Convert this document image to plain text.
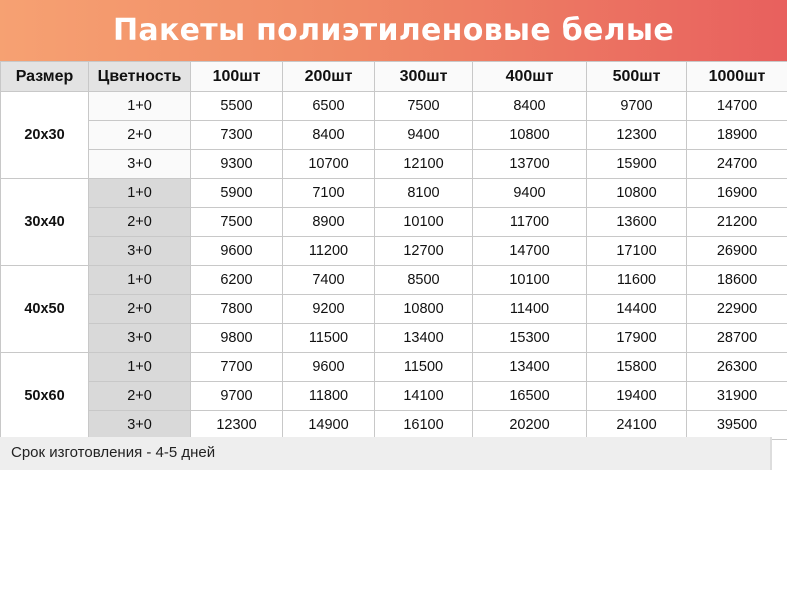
Пакеты полиэтиленовые белые
Размер	Цветность	100шт	200шт	300шт	400шт	500шт	1000шт
20х30	1+0	5500	6500	7500	8400	9700	14700
	2+0	7300	8400	9400	10800	12300	18900
	3+0	9300	10700	12100	13700	15900	24700
30х40	1+0	5900	7100	8100	9400	10800	16900
	2+0	7500	8900	10100	11700	13600	21200
	3+0	9600	11200	12700	14700	17100	26900
40х50	1+0	6200	7400	8500	10100	11600	18600
	2+0	7800	9200	10800	11400	14400	22900
	3+0	9800	11500	13400	15300	17900	28700
50х60	1+0	7700	9600	11500	13400	15800	26300
	2+0	9700	11800	14100	16500	19400	31900
	3+0	12300	14900	16100	20200	24100	39500
Срок изготовления - 4-5 дней
